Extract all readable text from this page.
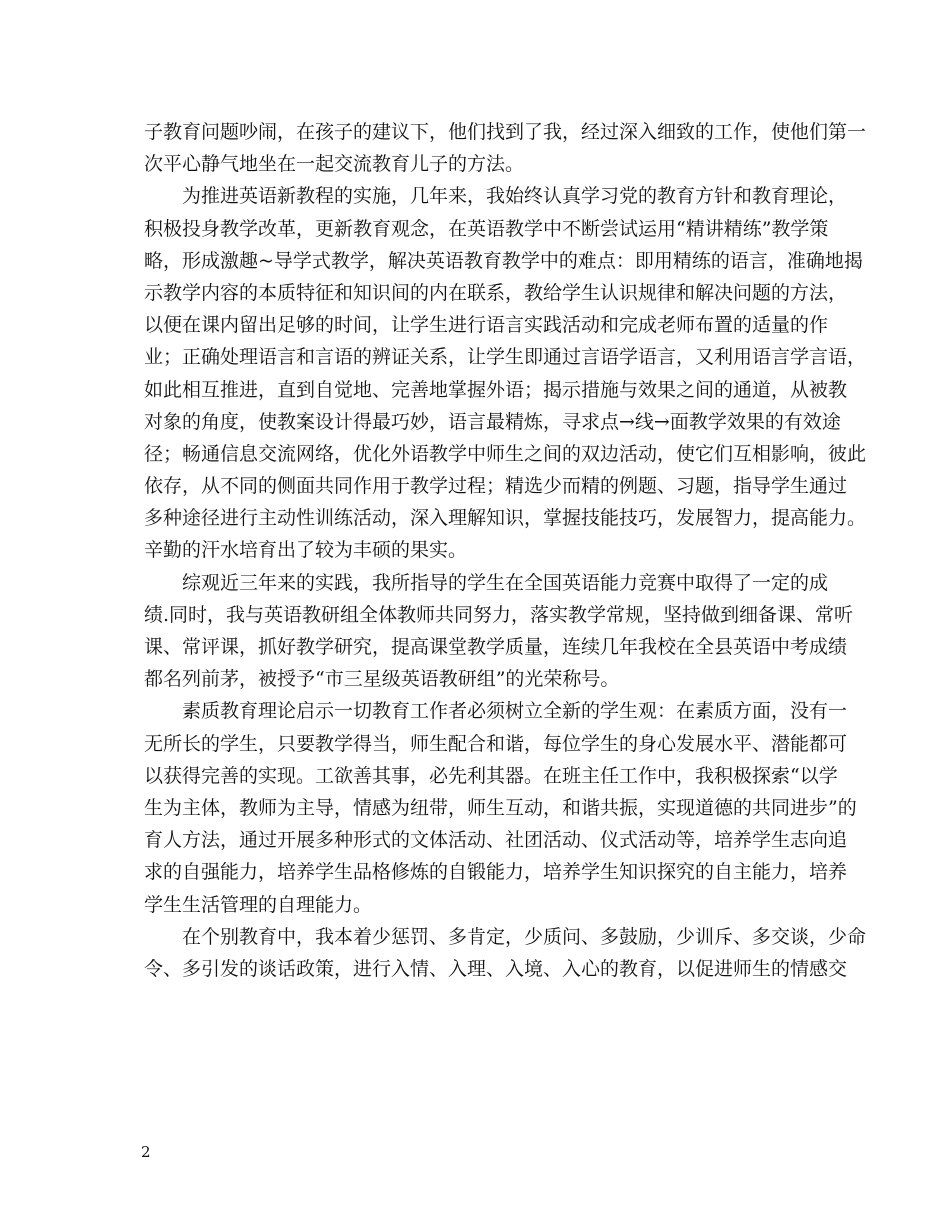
子教育问题吵闹，在孩子的建议下，他们找到了我，经过深入细致的工作，使他们第一
次平心静气地坐在一起交流教育儿子的方法。
为推进英语新教程的实施，几年来，我始终认真学习党的教育方针和教育理论，
积极投身教学改革，更新教育观念，在英语教学中不断尝试运用“精讲精练”教学策
略，形成激趣~导学式教学，解决英语教育教学中的难点：即用精练的语言，准确地揭
示教学内容的本质特征和知识间的内在联系，教给学生认识规律和解决问题的方法，
以便在课内留出足够的时间，让学生进行语言实践活动和完成老师布置的适量的作
业；正确处理语言和言语的辨证关系，让学生即通过言语学语言，又利用语言学言语，
如此相互推进，直到自觉地、完善地掌握外语；揭示措施与效果之间的通道，从被教
对象的角度，使教案设计得最巧妙，语言最精炼，寻求点→线→面教学效果的有效途
径；畅通信息交流网络，优化外语教学中师生之间的双边活动，使它们互相影响，彼此
依存，从不同的侧面共同作用于教学过程；精选少而精的例题、习题，指导学生通过
多种途径进行主动性训练活动，深入理解知识，掌握技能技巧，发展智力，提高能力。
辛勤的汗水培育出了较为丰硕的果实。
综观近三年来的实践，我所指导的学生在全国英语能力竞赛中取得了一定的成
绩.同时，我与英语教研组全体教师共同努力，落实教学常规，坚持做到细备课、常听
课、常评课，抓好教学研究，提高课堂教学质量，连续几年我校在全县英语中考成绩
都名列前茅，被授予“市三星级英语教研组”的光荣称号。
素质教育理论启示一切教育工作者必须树立全新的学生观：在素质方面，没有一
无所长的学生，只要教学得当，师生配合和谐，每位学生的身心发展水平、潜能都可
以获得完善的实现。工欲善其事，必先利其器。在班主任工作中，我积极探索“以学
生为主体，教师为主导，情感为纽带，师生互动，和谐共振，实现道德的共同进步”的
育人方法，通过开展多种形式的文体活动、社团活动、仪式活动等，培养学生志向追
求的自强能力，培养学生品格修炼的自锻能力，培养学生知识探究的自主能力，培养
学生生活管理的自理能力。
在个别教育中，我本着少惩罚、多肯定，少质问、多鼓励，少训斥、多交谈，少命
令、多引发的谈话政策，进行入情、入理、入境、入心的教育，以促进师生的情感交
2
